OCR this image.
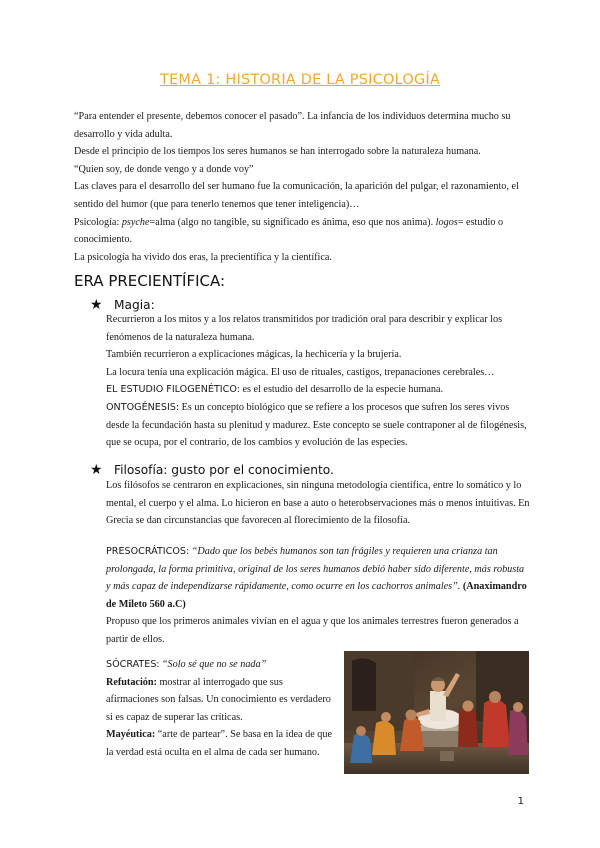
TEMA 1: HISTORIA DE LA PSICOLOGÍA
“Para entender el presente, debemos conocer el pasado”. La infancia de los individuos determina mucho su desarrollo y vida adulta.
Desde el principio de los tiempos los seres humanos se han interrogado sobre la naturaleza humana.
“Quien soy, de donde vengo y a donde voy”
Las claves para el desarrollo del ser humano fue la comunicación, la aparición del pulgar, el razonamiento, el sentido del humor (que para tenerlo tenemos que tener inteligencia)…
Psicología: psyche=alma (algo no tangible, su significado es ánima, eso que nos anima). logos= estudio o conocimiento.
La psicología ha vivido dos eras, la precientífica y la científica.
ERA PRECIENTÍFICA:
★ Magia:
Recurrieron a los mitos y a los relatos transmitidos por tradición oral para describir y explicar los fenómenos de la naturaleza humana.
También recurrieron a explicaciones mágicas, la hechicería y la brujería.
La locura tenía una explicación mágica. El uso de rituales, castigos, trepanaciones cerebrales…
EL ESTUDIO FILOGENÉTICO: es el estudio del desarrollo de la especie humana.
ONTOGÉNESIS: Es un concepto biológico que se refiere a los procesos que sufren los seres vivos desde la fecundación hasta su plenitud y madurez. Este concepto se suele contraponer al de filogénesis, que se ocupa, por el contrario, de los cambios y evolución de las especies.
★ Filosofía: gusto por el conocimiento.
Los filósofos se centraron en explicaciones, sin ninguna metodología científica, entre lo somático y lo mental, el cuerpo y el alma. Lo hicieron en base a auto o heterobservaciones más o menos intuitivas. En Grecia se dan circunstancias que favorecen al florecimiento de la filosofía.
PRESOCRÁTICOS: “Dado que los bebés humanos son tan frágiles y requieren una crianza tan prolongada, la forma primitiva, original de los seres humanos debió haber sido diferente, más robusta y más capaz de independizarse rápidamente, como ocurre en los cachorros animales”. (Anaximandro de Mileto 560 a.C)
Propuso que los primeros animales vivían en el agua y que los animales terrestres fueron generados a partir de ellos.
SÓCRATES: “Solo sé que no se nada”
Refutación: mostrar al interrogado que sus afirmaciones son falsas. Un conocimiento es verdadero si es capaz de superar las críticas.
Mayéutica: “arte de partear”. Se basa en la idea de que la verdad está oculta en el alma de cada ser humano.
1
